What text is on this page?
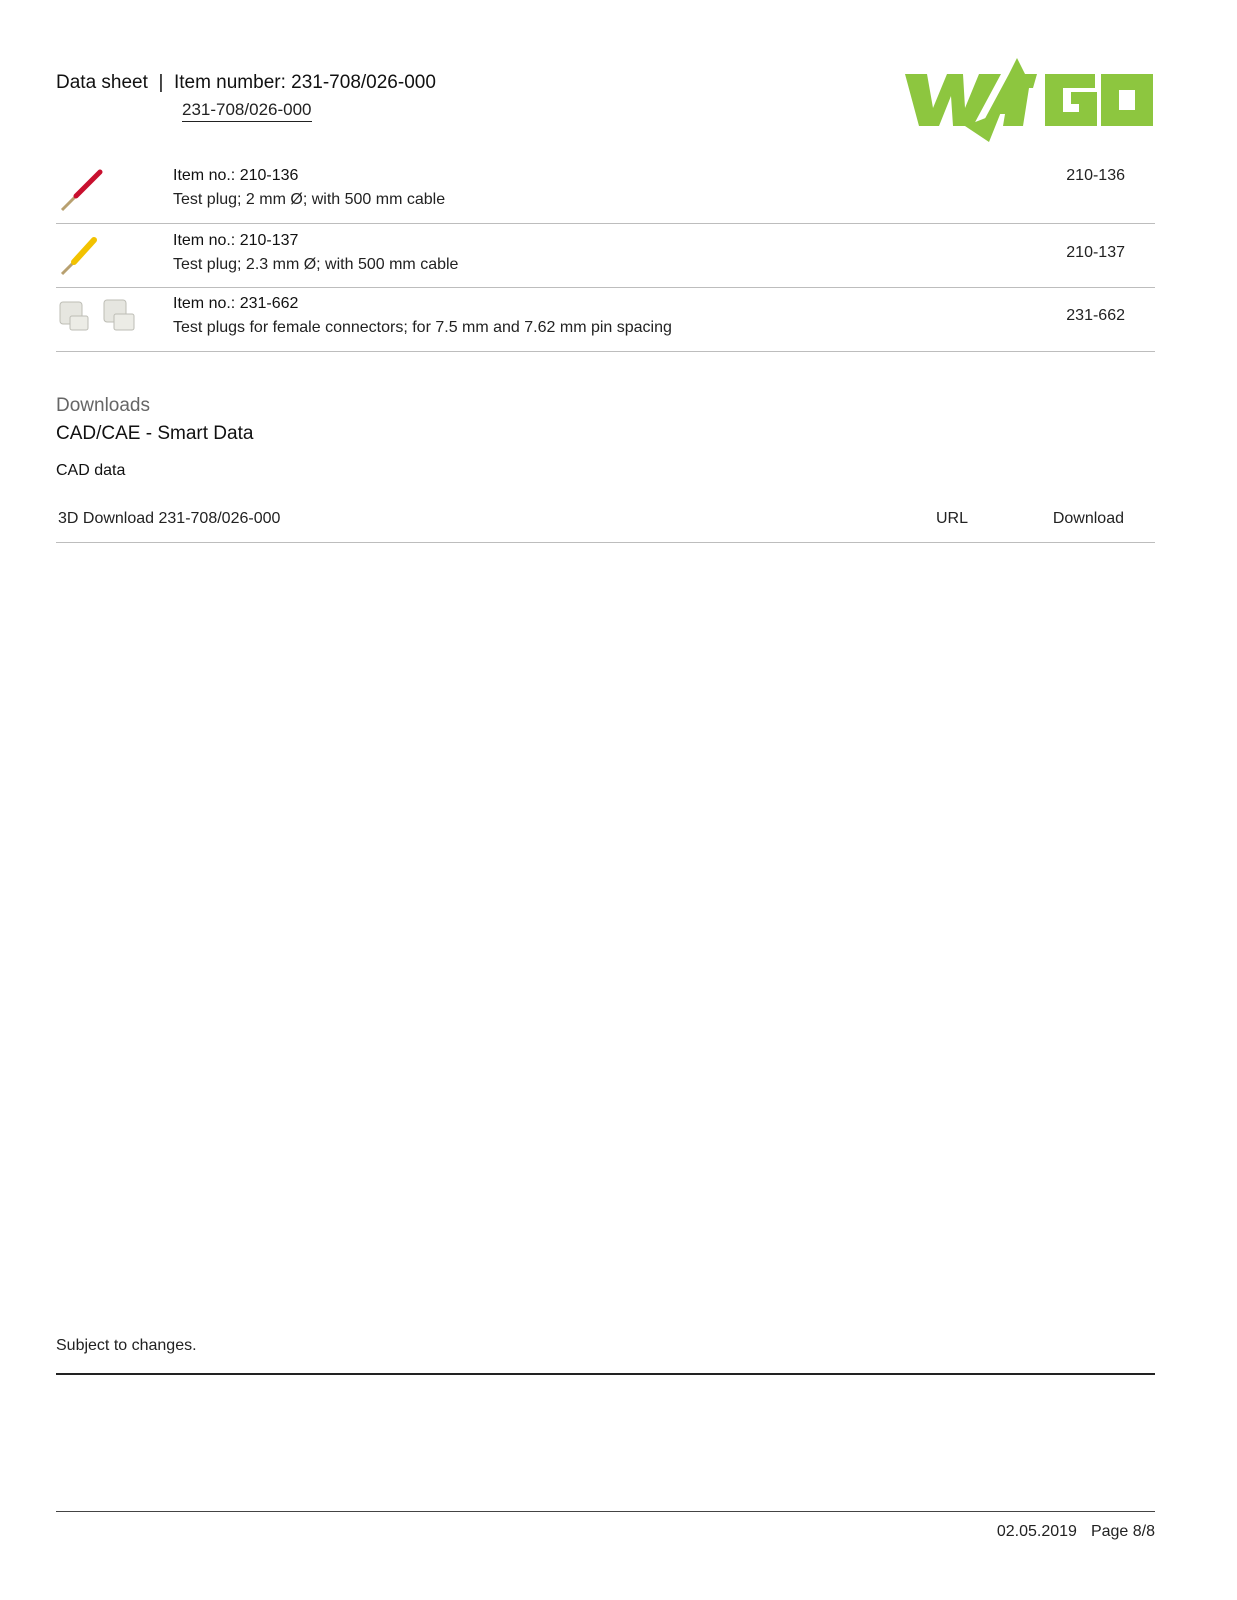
Data sheet  |  Item number: 231-708/026-000
231-708/026-000
Item no.: 210-136
Test plug; 2 mm Ø; with 500 mm cable
210-136
Item no.: 210-137
Test plug; 2.3 mm Ø; with 500 mm cable
210-137
Item no.: 231-662
Test plugs for female connectors; for 7.5 mm and 7.62 mm pin spacing
231-662
Downloads
CAD/CAE - Smart Data
CAD data
3D Download 231-708/026-000	URL	Download
Subject to changes.
02.05.2019 Page 8/8
